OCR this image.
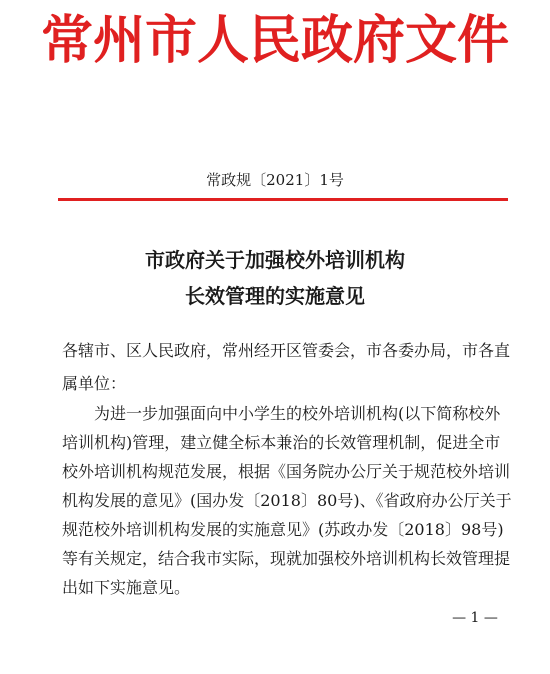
常州市人民政府文件
常政规〔2021〕1号
市政府关于加强校外培训机构
长效管理的实施意见
各辖市、区人民政府，常州经开区管委会，市各委办局，市各直
属单位：
为进一步加强面向中小学生的校外培训机构(以下简称校外
培训机构)管理，建立健全标本兼治的长效管理机制，促进全市
校外培训机构规范发展，根据《国务院办公厅关于规范校外培训
机构发展的意见》(国办发〔2018〕80号)、《省政府办公厅关于
规范校外培训机构发展的实施意见》(苏政办发〔2018〕98号)
等有关规定，结合我市实际，现就加强校外培训机构长效管理提
出如下实施意见。
— 1 —
